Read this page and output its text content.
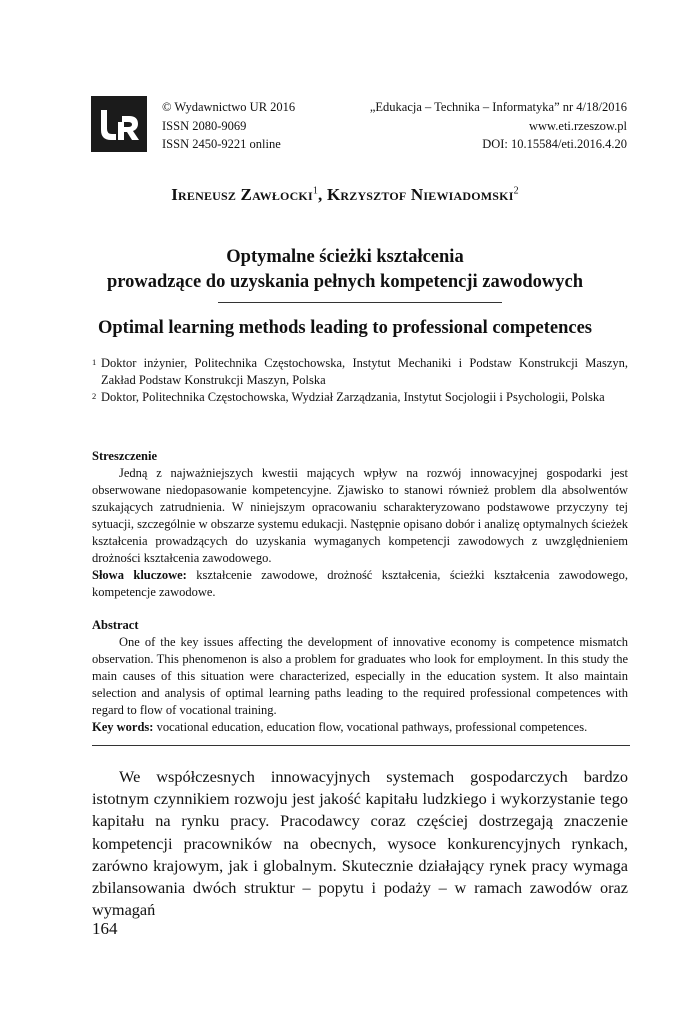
© Wydawnictwo UR 2016
ISSN 2080-9069
ISSN 2450-9221 online
„Edukacja – Technika – Informatyka” nr 4/18/2016
www.eti.rzeszow.pl
DOI: 10.15584/eti.2016.4.20
Ireneusz Zawłocki$^1$, Krzysztof Niewiadomski$^2$
Optymalne ścieżki kształcenia
prowadzące do uzyskania pełnych kompetencji zawodowych
Optimal learning methods leading to professional competences
1 Doktor inżynier, Politechnika Częstochowska, Instytut Mechaniki i Podstaw Konstrukcji Maszyn, Zakład Podstaw Konstrukcji Maszyn, Polska
2 Doktor, Politechnika Częstochowska, Wydział Zarządzania, Instytut Socjologii i Psychologii, Polska
Streszczenie
Jedną z najważniejszych kwestii mających wpływ na rozwój innowacyjnej gospodarki jest obserwowane niedopasowanie kompetencyjne. Zjawisko to stanowi również problem dla absolwentów szukających zatrudnienia. W niniejszym opracowaniu scharakteryzowano podstawowe przyczyny tej sytuacji, szczególnie w obszarze systemu edukacji. Następnie opisano dobór i analizę optymalnych ścieżek kształcenia prowadzących do uzyskania wymaganych kompetencji zawodowych z uwzględnieniem drożności kształcenia zawodowego.
Słowa kluczowe: kształcenie zawodowe, drożność kształcenia, ścieżki kształcenia zawodowego, kompetencje zawodowe.
Abstract
One of the key issues affecting the development of innovative economy is competence mismatch observation. This phenomenon is also a problem for graduates who look for employment. In this study the main causes of this situation were characterized, especially in the education system. It also maintain selection and analysis of optimal learning paths leading to the required professional competences with regard to flow of vocational training.
Key words: vocational education, education flow, vocational pathways, professional competences.
We współczesnych innowacyjnych systemach gospodarczych bardzo istotnym czynnikiem rozwoju jest jakość kapitału ludzkiego i wykorzystanie tego kapitału na rynku pracy. Pracodawcy coraz częściej dostrzegają znaczenie kompetencji pracowników na obecnych, wysoce konkurencyjnych rynkach, zarówno krajowym, jak i globalnym. Skutecznie działający rynek pracy wymaga zbilansowania dwóch struktur – popytu i podaży – w ramach zawodów oraz wymagań
164
